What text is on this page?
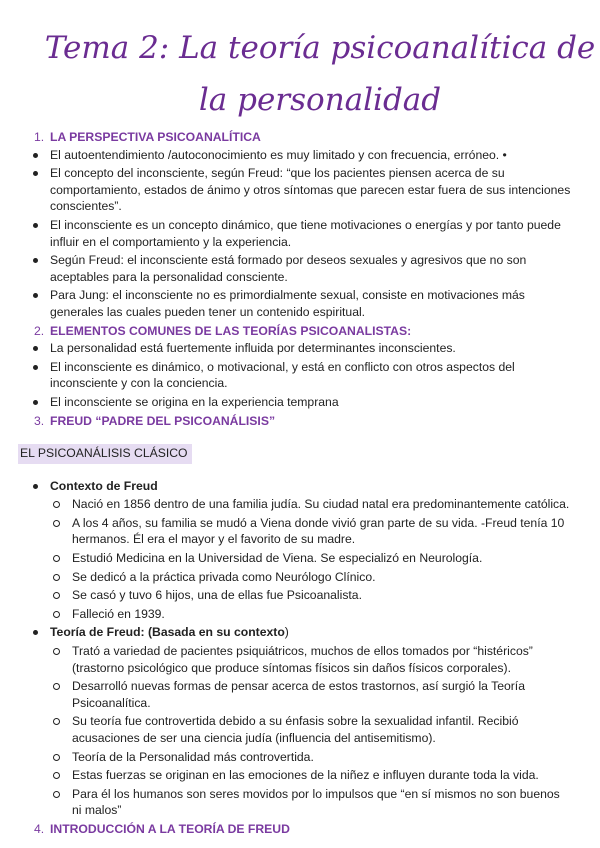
Tema 2: La teoría psicoanalítica de la personalidad
1. LA PERSPECTIVA PSICOANALÍTICA
El autoentendimiento /autoconocimiento es muy limitado y con frecuencia, erróneo. •
El concepto del inconsciente, según Freud: “que los pacientes piensen acerca de su comportamiento, estados de ánimo y otros síntomas que parecen estar fuera de sus intenciones conscientes”.
El inconsciente es un concepto dinámico, que tiene motivaciones o energías y por tanto puede influir en el comportamiento y la experiencia.
Según Freud: el inconsciente está formado por deseos sexuales y agresivos que no son aceptables para la personalidad consciente.
Para Jung: el inconsciente no es primordialmente sexual, consiste en motivaciones más generales las cuales pueden tener un contenido espiritual.
2. ELEMENTOS COMUNES DE LAS TEORÍAS PSICOANALISTAS:
La personalidad está fuertemente influida por determinantes inconscientes.
El inconsciente es dinámico, o motivacional, y está en conflicto con otros aspectos del inconsciente y con la conciencia.
El inconsciente se origina en la experiencia temprana
3. FREUD “PADRE DEL PSICOANÁLISIS”
EL PSICOANÁLISIS CLÁSICO
Contexto de Freud
Nació en 1856 dentro de una familia judía. Su ciudad natal era predominantemente católica.
A los 4 años, su familia se mudó a Viena donde vivió gran parte de su vida. -Freud tenía 10 hermanos. Él era el mayor y el favorito de su madre.
Estudió Medicina en la Universidad de Viena. Se especializó en Neurología.
Se dedicó a la práctica privada como Neurólogo Clínico.
Se casó y tuvo 6 hijos, una de ellas fue Psicoanalista.
Falleció en 1939.
Teoría de Freud: (Basada en su contexto)
Trató a variedad de pacientes psiquiátricos, muchos de ellos tomados por “histéricos” (trastorno psicológico que produce síntomas físicos sin daños físicos corporales).
Desarrolló nuevas formas de pensar acerca de estos trastornos, así surgió la Teoría Psicoanalítica.
Su teoría fue controvertida debido a su énfasis sobre la sexualidad infantil. Recibió acusaciones de ser una ciencia judía (influencia del antisemitismo).
Teoría de la Personalidad más controvertida.
Estas fuerzas se originan en las emociones de la niñez e influyen durante toda la vida.
Para él los humanos son seres movidos por lo impulsos que “en sí mismos no son buenos ni malos”
4. INTRODUCCIÓN A LA TEORÍA DE FREUD
